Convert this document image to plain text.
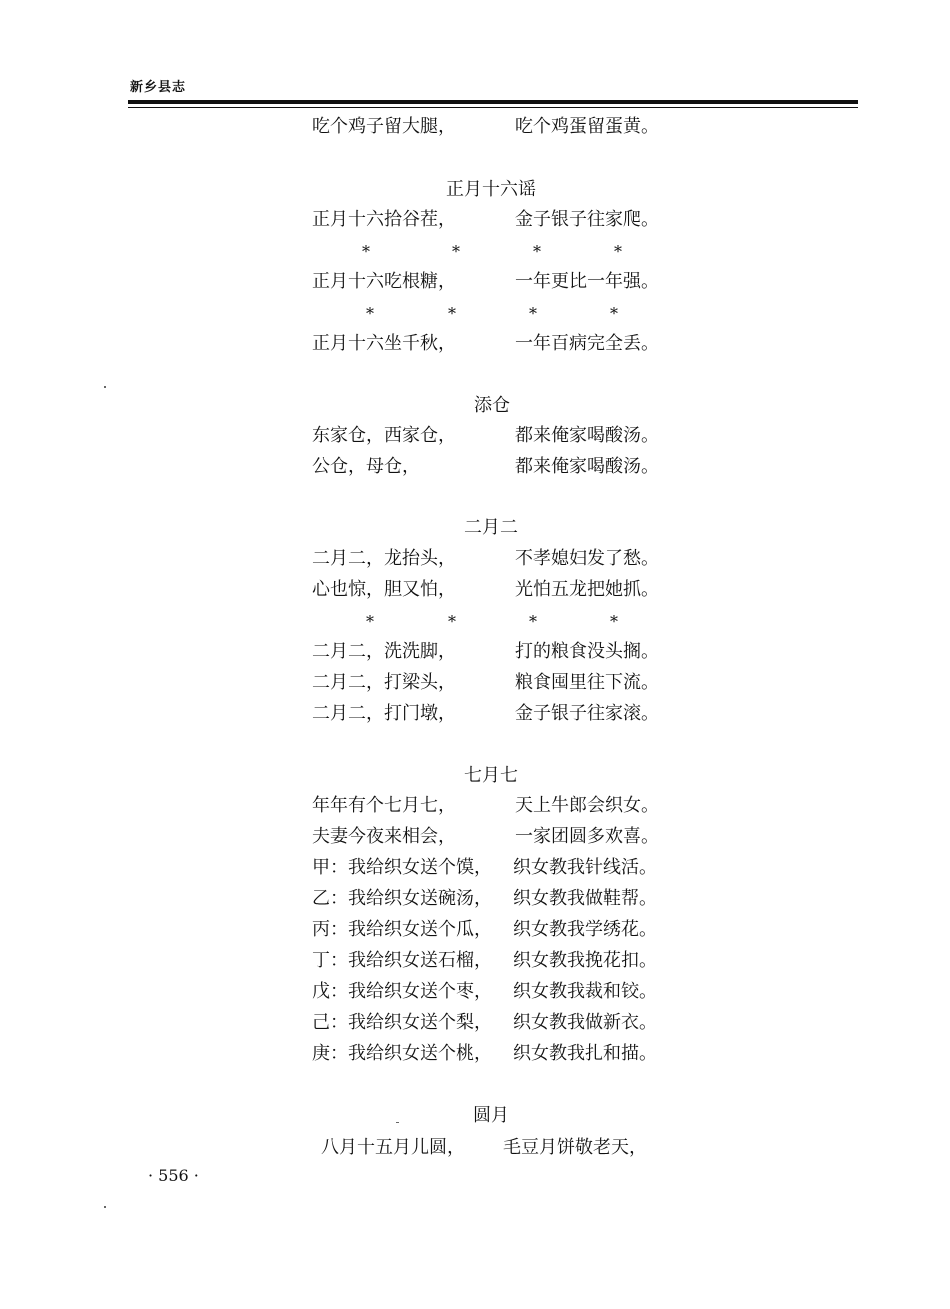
新乡县志
吃个鸡子留大腿，	吃个鸡蛋留蛋黄。
正月十六谣
正月十六拾谷茬，	金子银子往家爬。
*	*	*	*
正月十六吃根糖，	一年更比一年强。
*	*	*	*
正月十六坐千秋，	一年百病完全丢。
添仓
东家仓，西家仓，	都来俺家喝酸汤。
公仓，母仓，	都来俺家喝酸汤。
二月二
二月二，龙抬头，	不孝媳妇发了愁。
心也惊，胆又怕，	光怕五龙把她抓。
*	*	*	*
二月二，洗洗脚，	打的粮食没头搁。
二月二，打梁头，	粮食囤里往下流。
二月二，打门墩，	金子银子往家滚。
七月七
年年有个七月七，	天上牛郎会织女。
夫妻今夜来相会，	一家团圆多欢喜。
甲：我给织女送个馍， 织女教我针线活。
乙：我给织女送碗汤， 织女教我做鞋帮。
丙：我给织女送个瓜， 织女教我学绣花。
丁：我给织女送石榴， 织女教我挽花扣。
戊：我给织女送个枣， 织女教我裁和铰。
己：我给织女送个梨， 织女教我做新衣。
庚：我给织女送个桃， 织女教我扎和描。
圆月
八月十五月儿圆， 毛豆月饼敬老天，
· 556 ·
